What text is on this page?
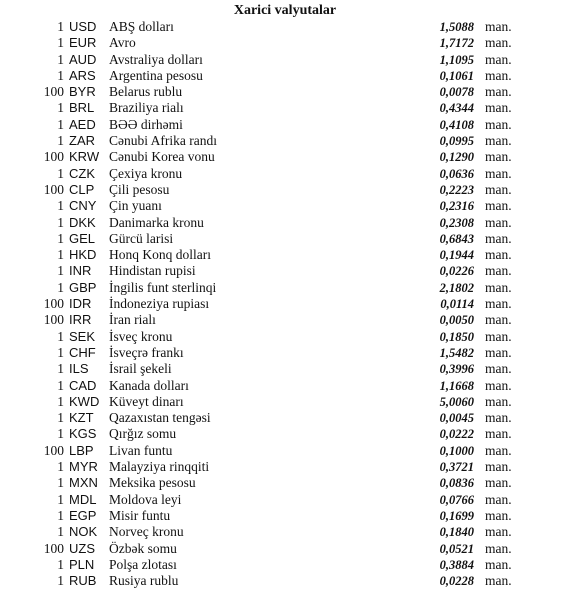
Xarici valyutalar
1 USD ABŞ dolları	1,5088 man.
1 EUR Avro	1,7172 man.
1 AUD Avstraliya dolları	1,1095 man.
1 ARS Argentina pesosu	0,1061 man.
100 BYR Belarus rublu	0,0078 man.
1 BRL Braziliya rialı	0,4344 man.
1 AED BƏƏ dirhəmi	0,4108 man.
1 ZAR Cənubi Afrika randı	0,0995 man.
100 KRW Cənubi Korea vonu	0,1290 man.
1 CZK Çexiya kronu	0,0636 man.
100 CLP Çili pesosu	0,2223 man.
1 CNY Çin yuanı	0,2316 man.
1 DKK Danimarka kronu	0,2308 man.
1 GEL Gürcü larisi	0,6843 man.
1 HKD Honq Konq dolları	0,1944 man.
1 INR Hindistan rupisi	0,0226 man.
1 GBP İngilis funt sterlinqi	2,1802 man.
100 IDR İndoneziya rupiası	0,0114 man.
100 IRR İran rialı	0,0050 man.
1 SEK İsveç kronu	0,1850 man.
1 CHF İsveçrə frankı	1,5482 man.
1 ILS İsrail şekeli	0,3996 man.
1 CAD Kanada dolları	1,1668 man.
1 KWD Küveyt dinarı	5,0060 man.
1 KZT Qazaxıstan tengəsi	0,0045 man.
1 KGS Qırğız somu	0,0222 man.
100 LBP Livan funtu	0,1000 man.
1 MYR Malayziya rinqqiti	0,3721 man.
1 MXN Meksika pesosu	0,0836 man.
1 MDL Moldova leyi	0,0766 man.
1 EGP Misir funtu	0,1699 man.
1 NOK Norveç kronu	0,1840 man.
100 UZS Özbək somu	0,0521 man.
1 PLN Polşa zlotası	0,3884 man.
1 RUB Rusiya rublu	0,0228 man.
